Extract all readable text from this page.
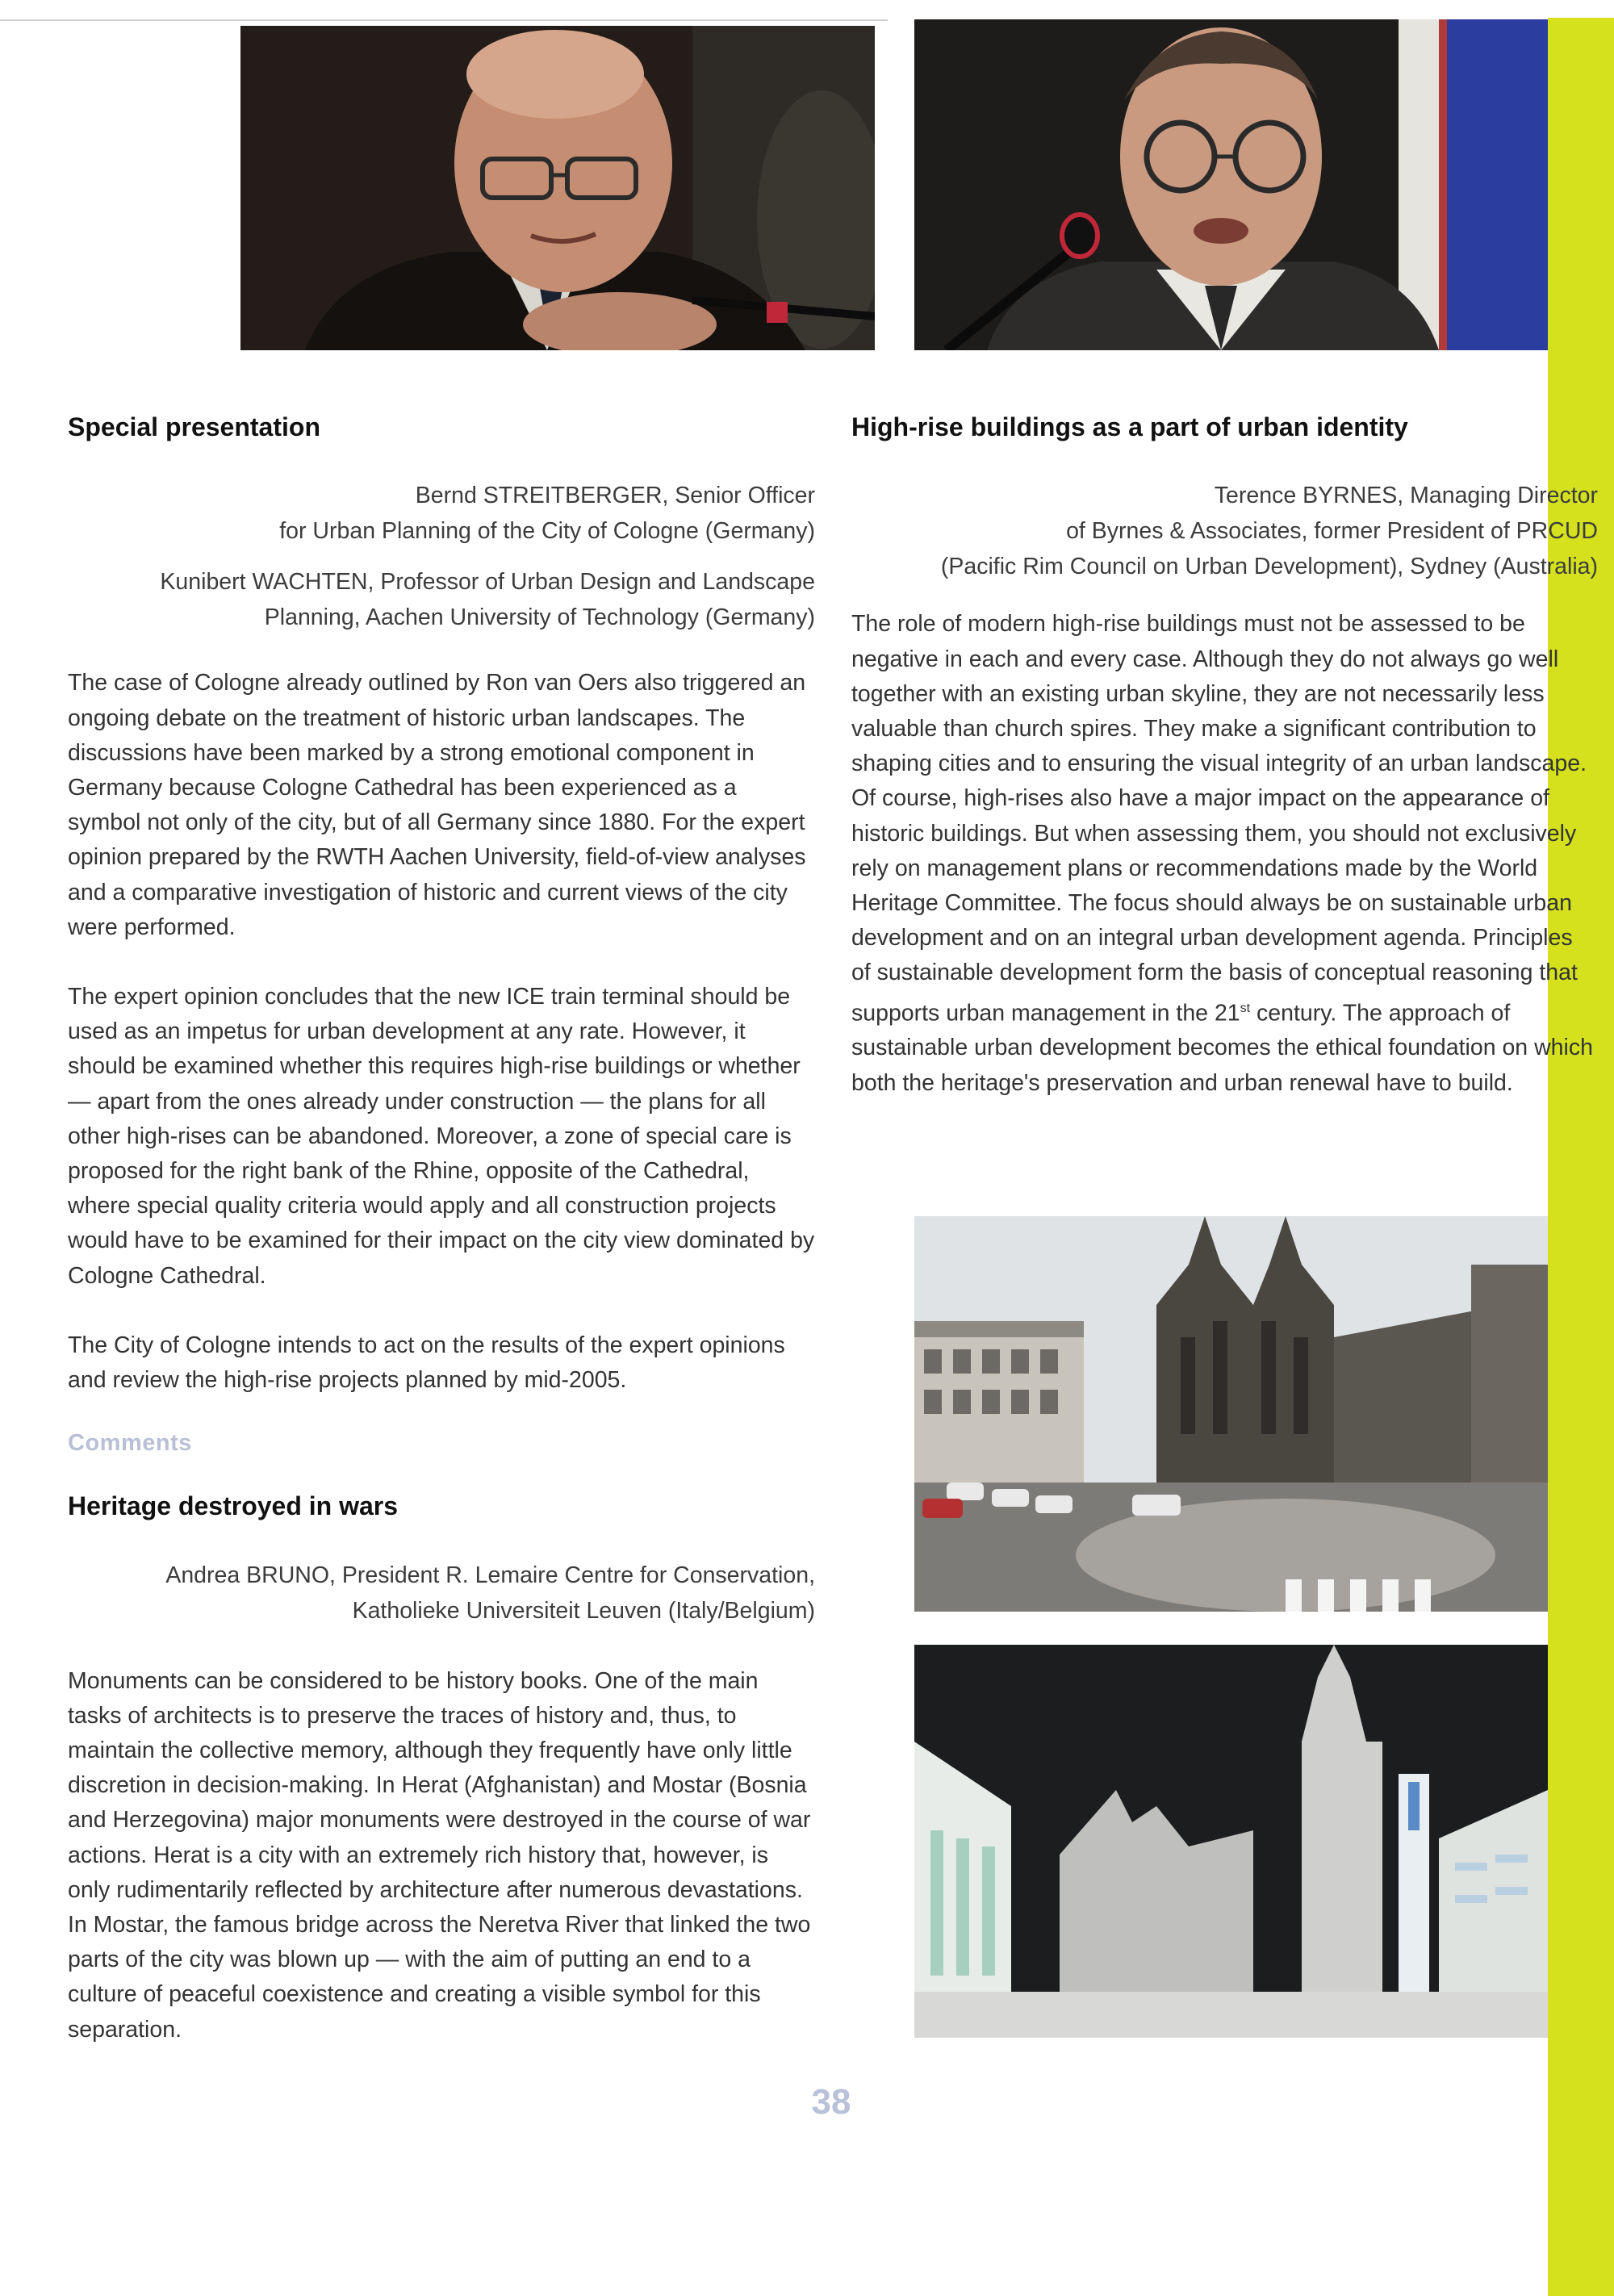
Special presentation

Bernd STREITBERGER, Senior Officer

for Urban Planning of the City of Cologne (Germany)

Kunibert WACHTEN, Professor of Urban Design and Landscape

Planning, Aachen University of Technology (Germany)

The case of Cologne already outlined by Ron van Oers also triggered an ongoing debate on the treatment of historic urban landscapes. The discussions have been marked by a strong emotional component in Germany because Cologne Cathedral has been experienced as a symbol not only of the city, but of all Germany since 1880. For the expert opinion prepared by the RWTH Aachen University, field-of-view analyses and a comparative investigation of historic and current views of the city were performed.

The expert opinion concludes that the new ICE train terminal should be used as an impetus for urban development at any rate. However, it should be examined whether this requires high-rise buildings or whether — apart from the ones already under construction — the plans for all other high-rises can be abandoned. Moreover, a zone of special care is proposed for the right bank of the Rhine, opposite of the Cathedral, where special quality criteria would apply and all construction projects would have to be examined for their impact on the city view dominated by Cologne Cathedral.

The City of Cologne intends to act on the results of the expert opinions and review the high-rise projects planned by mid-2005.

Comments

Heritage destroyed in wars

Andrea BRUNO, President R. Lemaire Centre for Conservation,

Katholieke Universiteit Leuven (Italy/Belgium)

Monuments can be considered to be history books. One of the main tasks of architects is to preserve the traces of history and, thus, to maintain the collective memory, although they frequently have only little discretion in decision-making. In Herat (Afghanistan) and Mostar (Bosnia and Herzegovina) major monuments were destroyed in the course of war actions. Herat is a city with an extremely rich history that, however, is only rudimentarily reflected by architecture after numerous devastations. In Mostar, the famous bridge across the Neretva River that linked the two parts of the city was blown up — with the aim of putting an end to a culture of peaceful coexistence and creating a visible symbol for this separation.

High-rise buildings as a part of urban identity

Terence BYRNES, Managing Director

of Byrnes & Associates, former President of PRCUD

(Pacific Rim Council on Urban Development), Sydney (Australia)

The role of modern high-rise buildings must not be assessed to be negative in each and every case. Although they do not always go well together with an existing urban skyline, they are not necessarily less valuable than church spires. They make a significant contribution to shaping cities and to ensuring the visual integrity of an urban landscape. Of course, high-rises also have a major impact on the appearance of historic buildings. But when assessing them, you should not exclusively rely on management plans or recommendations made by the World Heritage Committee. The focus should always be on sustainable urban development and on an integral urban development agenda. Principles of sustainable development form the basis of conceptual reasoning that supports urban management in the 21st century. The approach of sustainable urban development becomes the ethical foundation on which both the heritage's preservation and urban renewal have to build.

38
